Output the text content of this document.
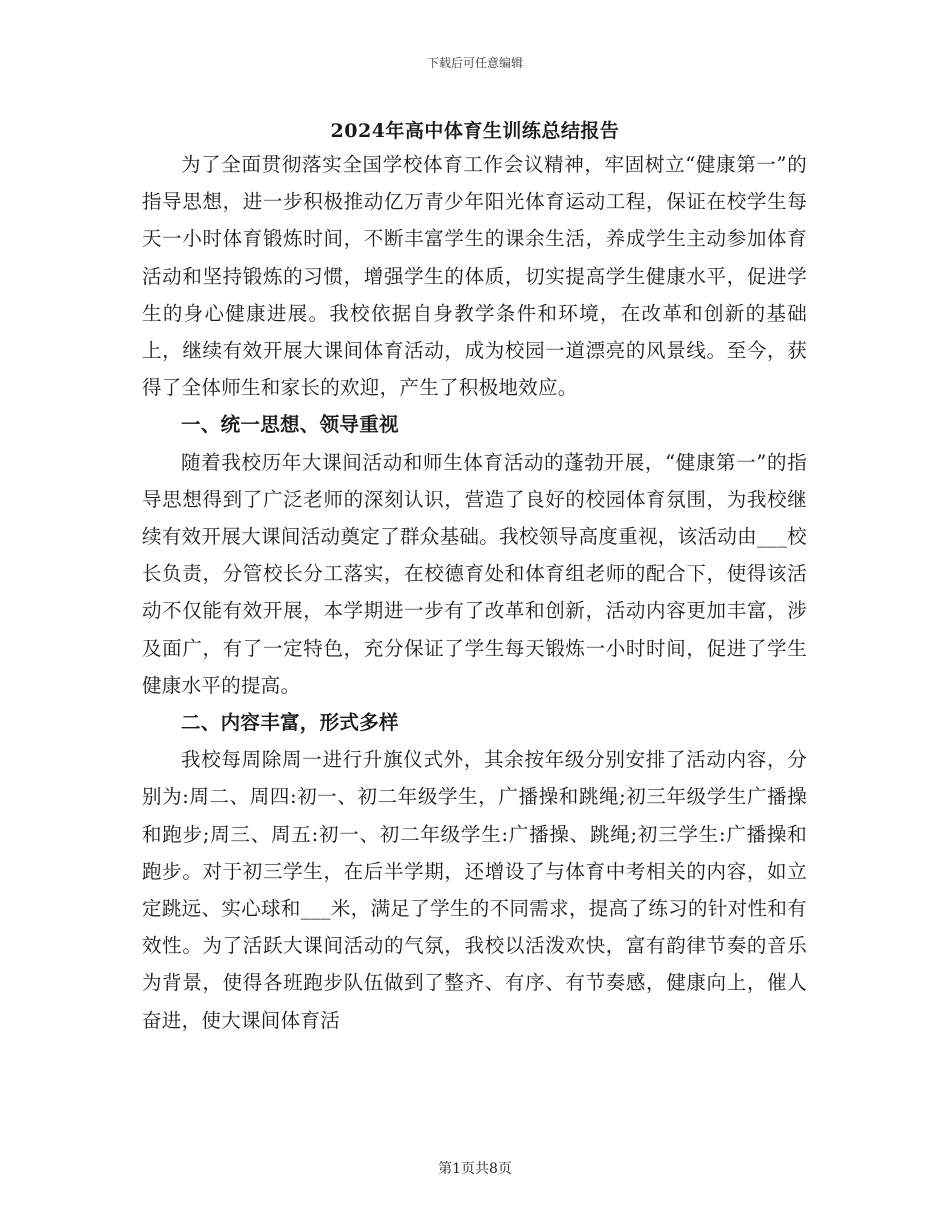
下载后可任意编辑
2024年高中体育生训练总结报告

为了全面贯彻落实全国学校体育工作会议精神，牢固树立“健康第一”的指导思想，进一步积极推动亿万青少年阳光体育运动工程，保证在校学生每天一小时体育锻炼时间，不断丰富学生的课余生活，养成学生主动参加体育活动和坚持锻炼的习惯，增强学生的体质，切实提高学生健康水平，促进学生的身心健康进展。我校依据自身教学条件和环境，在改革和创新的基础上，继续有效开展大课间体育活动，成为校园一道漂亮的风景线。至今，获得了全体师生和家长的欢迎，产生了积极地效应。

一、统一思想、领导重视

随着我校历年大课间活动和师生体育活动的蓬勃开展，“健康第一”的指导思想得到了广泛老师的深刻认识，营造了良好的校园体育氛围，为我校继续有效开展大课间活动奠定了群众基础。我校领导高度重视，该活动由___校长负责，分管校长分工落实，在校德育处和体育组老师的配合下，使得该活动不仅能有效开展，本学期进一步有了改革和创新，活动内容更加丰富，涉及面广，有了一定特色，充分保证了学生每天锻炼一小时时间，促进了学生健康水平的提高。

二、内容丰富，形式多样

我校每周除周一进行升旗仪式外，其余按年级分别安排了活动内容，分别为:周二、周四:初一、初二年级学生，广播操和跳绳;初三年级学生广播操和跑步;周三、周五:初一、初二年级学生:广播操、跳绳;初三学生:广播操和跑步。对于初三学生，在后半学期，还增设了与体育中考相关的内容，如立定跳远、实心球和___米，满足了学生的不同需求，提高了练习的针对性和有效性。为了活跃大课间活动的气氛，我校以活泼欢快，富有韵律节奏的音乐为背景，使得各班跑步队伍做到了整齐、有序、有节奏感，健康向上，催人奋进，使大课间体育活

第1页共8页
